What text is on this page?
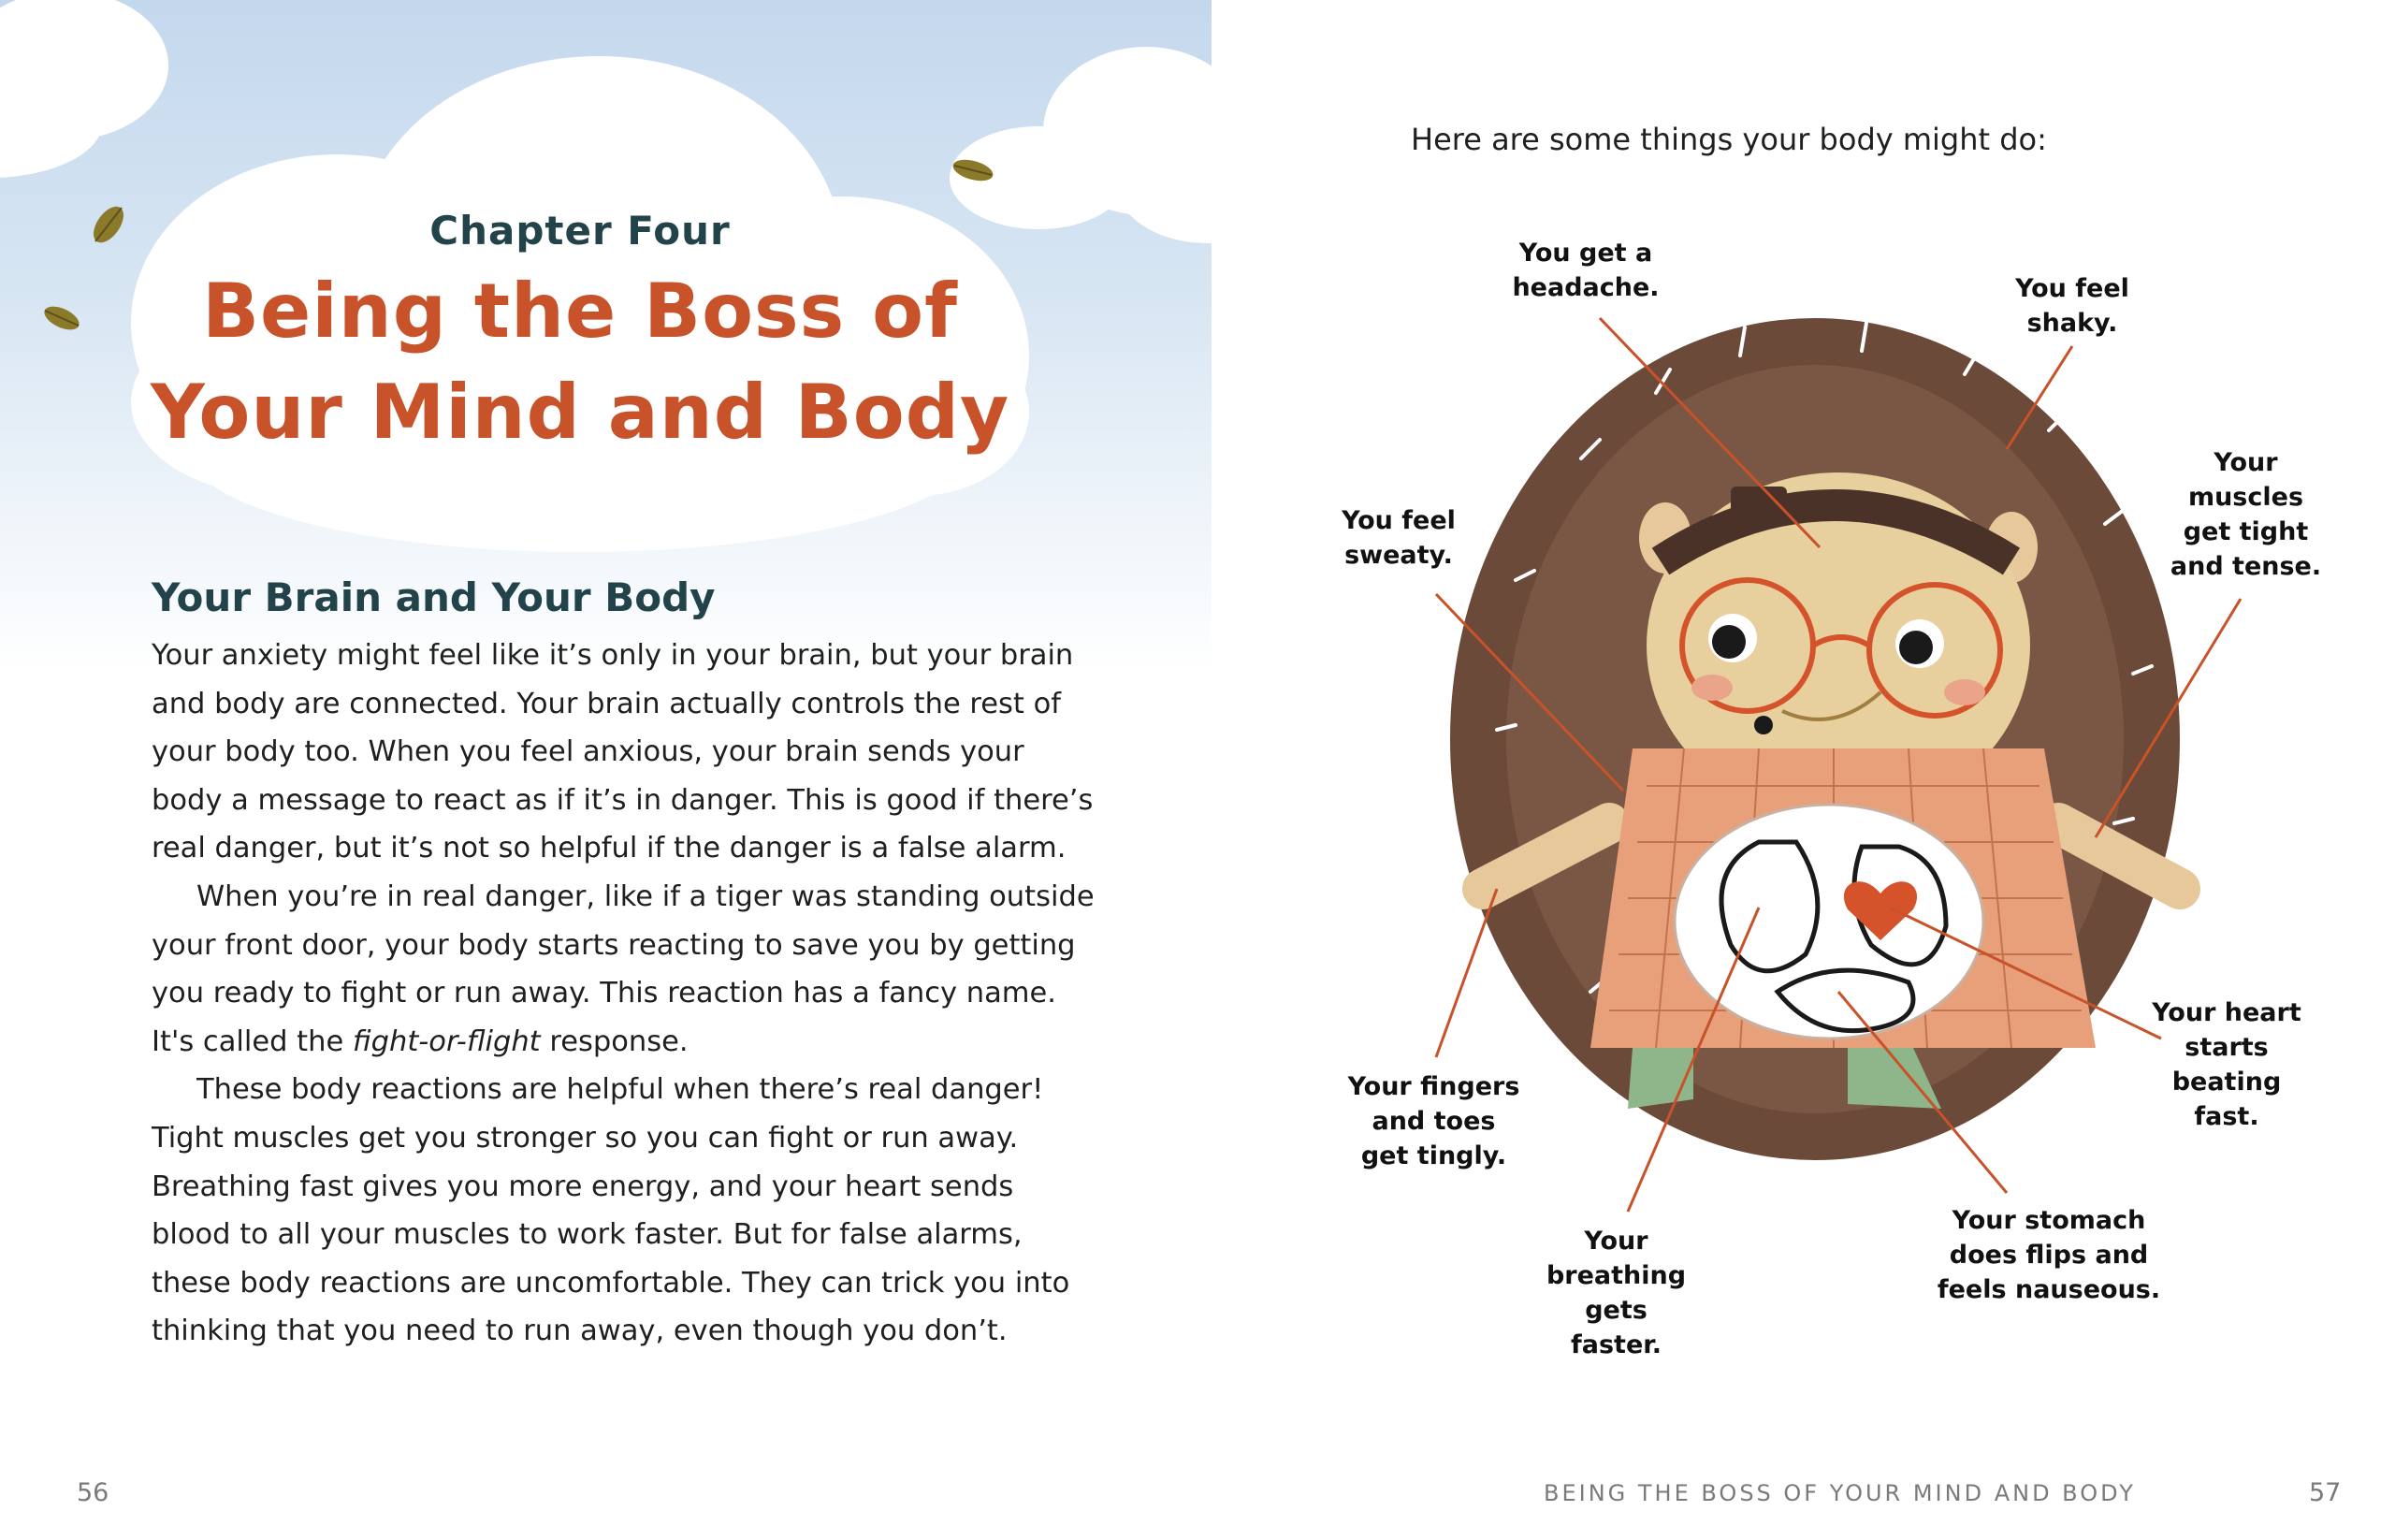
Chapter Four
Being the Boss of
Your Mind and Body
Your Brain and Your Body

Your anxiety might feel like it’s only in your brain, but your brain and body are connected. Your brain actually controls the rest of your body too. When you feel anxious, your brain sends your body a message to react as if it’s in danger. This is good if there’s real danger, but it’s not so helpful if the danger is a false alarm.

When you’re in real danger, like if a tiger was standing outside your front door, your body starts reacting to save you by getting you ready to fight or run away. This reaction has a fancy name. It's called the fight-or-flight response.

These body reactions are helpful when there’s real danger! Tight muscles get you stronger so you can fight or run away. Breathing fast gives you more energy, and your heart sends blood to all your muscles to work faster. But for false alarms, these body reactions are uncomfortable. They can trick you into thinking that you need to run away, even though you don’t.

56
Here are some things your body might do:
You get a headache.	You feel shaky.
You feel sweaty.
Your muscles get tight and tense.
Your heart starts beating fast.
Your fingers and toes get tingly.
Your breathing gets faster.
Your stomach does flips and feels nauseous.
BEING THE BOSS OF YOUR MIND AND BODY	57
